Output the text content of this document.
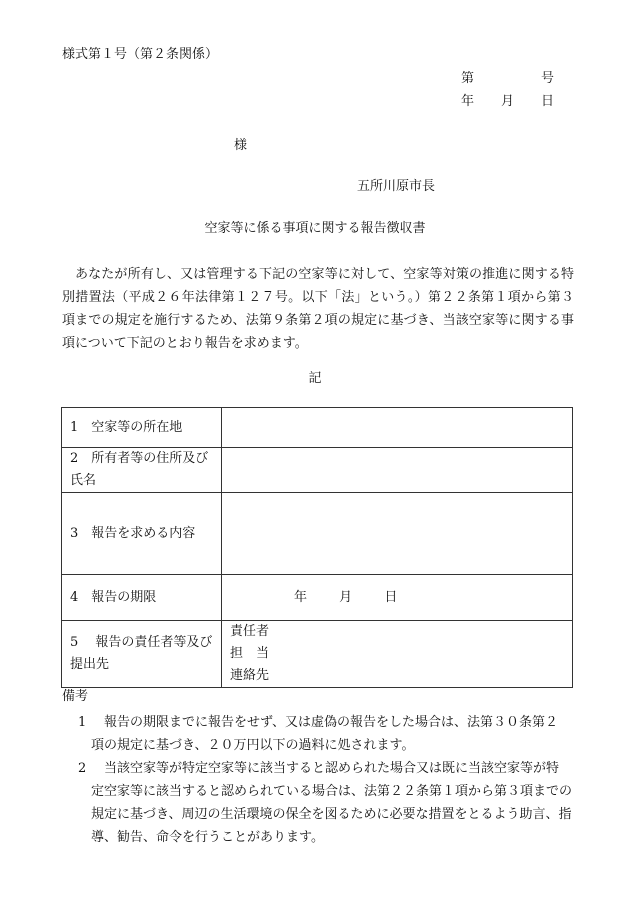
様式第１号（第２条関係）
第	号
年 月 日
様
五所川原市長
空家等に係る事項に関する報告徴収書
あなたが所有し、又は管理する下記の空家等に対して、空家等対策の推進に関する特別措置法（平成２６年法律第１２７号。以下「法」という。）第２２条第１項から第３項までの規定を施行するため、法第９条第２項の規定に基づき、当該空家等に関する事項について下記のとおり報告を求めます。
記
1　空家等の所在地	
2　所有者等の住所及び氏名	
3　報告を求める内容	
4　報告の期限	年 月 日
5　 報告の責任者等及び提出先	責任者
担　当
連絡先
備考
1 報告の期限までに報告をせず、又は虚偽の報告をした場合は、法第３０条第２
項の規定に基づき、２０万円以下の過料に処されます。
2 当該空家等が特定空家等に該当すると認められた場合又は既に当該空家等が特
定空家等に該当すると認められている場合は、法第２２条第１項から第３項までの規定に基づき、周辺の生活環境の保全を図るために必要な措置をとるよう助言、指導、勧告、命令を行うことがあります。
